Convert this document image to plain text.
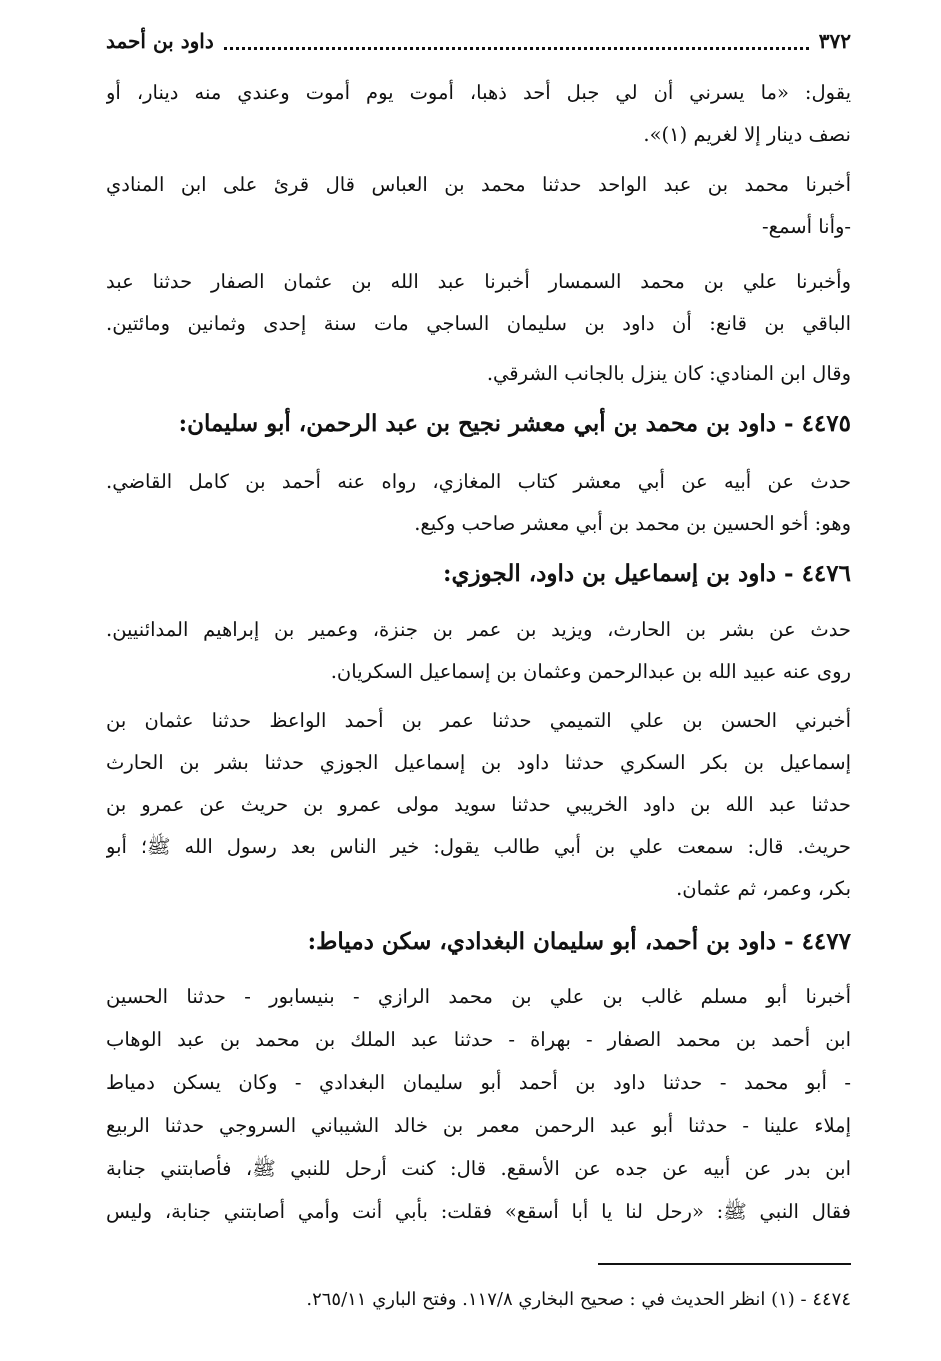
٣٧٢
داود بن أحمد
يقول: «ما يسرني أن لي جبل أحد ذهبا، أموت يوم أموت وعندي منه دينار، أو
نصف دينار إلا لغريم (١)».
أخبرنا محمد بن عبد الواحد حدثنا محمد بن العباس قال قرئ على ابن المنادي
-وأنا أسمع-
وأخبرنا علي بن محمد السمسار أخبرنا عبد الله بن عثمان الصفار حدثنا عبد
الباقي بن قانع: أن داود بن سليمان الساجي مات سنة إحدى وثمانين ومائتين.
وقال ابن المنادي: كان ينزل بالجانب الشرقي.
٤٤٧٥ - داود بن محمد بن أبي معشر نجيح بن عبد الرحمن، أبو سليمان:
حدث عن أبيه عن أبي معشر كتاب المغازي، رواه عنه أحمد بن كامل القاضي.
وهو: أخو الحسين بن محمد بن أبي معشر صاحب وكيع.
٤٤٧٦ - داود بن إسماعيل بن داود، الجوزي:
حدث عن بشر بن الحارث، ويزيد بن عمر بن جنزة، وعمير بن إبراهيم المدائنيين.
روى عنه عبيد الله بن عبدالرحمن وعثمان بن إسماعيل السكريان.
أخبرني الحسن بن علي التميمي حدثنا عمر بن أحمد الواعظ حدثنا عثمان بن
إسماعيل بن بكر السكري حدثنا داود بن إسماعيل الجوزي حدثنا بشر بن الحارث
حدثنا عبد الله بن داود الخريبي حدثنا سويد مولى عمرو بن حريث عن عمرو بن
حريث. قال: سمعت علي بن أبي طالب يقول: خير الناس بعد رسول الله ﷺ؛ أبو
بكر، وعمر، ثم عثمان.
٤٤٧٧ - داود بن أحمد، أبو سليمان البغدادي، سكن دمياط:
أخبرنا أبو مسلم غالب بن علي بن محمد الرازي - بنيسابور - حدثنا الحسين
ابن أحمد بن محمد الصفار - بهراة - حدثنا عبد الملك بن محمد بن عبد الوهاب
- أبو محمد - حدثنا داود بن أحمد أبو سليمان البغدادي - وكان يسكن دمياط
إملاء علينا - حدثنا أبو عبد الرحمن معمر بن خالد الشيباني السروجي حدثنا الربيع
ابن بدر عن أبيه عن جده عن الأسقع. قال: كنت أرحل للنبي ﷺ، فأصابتني جنابة
فقال النبي ﷺ: «رحل لنا يا أبا أسقع» فقلت: بأبي أنت وأمي أصابتني جنابة، وليس
٤٤٧٤ - (١) انظر الحديث في : صحيح البخاري ١١٧/٨. وفتح الباري ٢٦٥/١١.
